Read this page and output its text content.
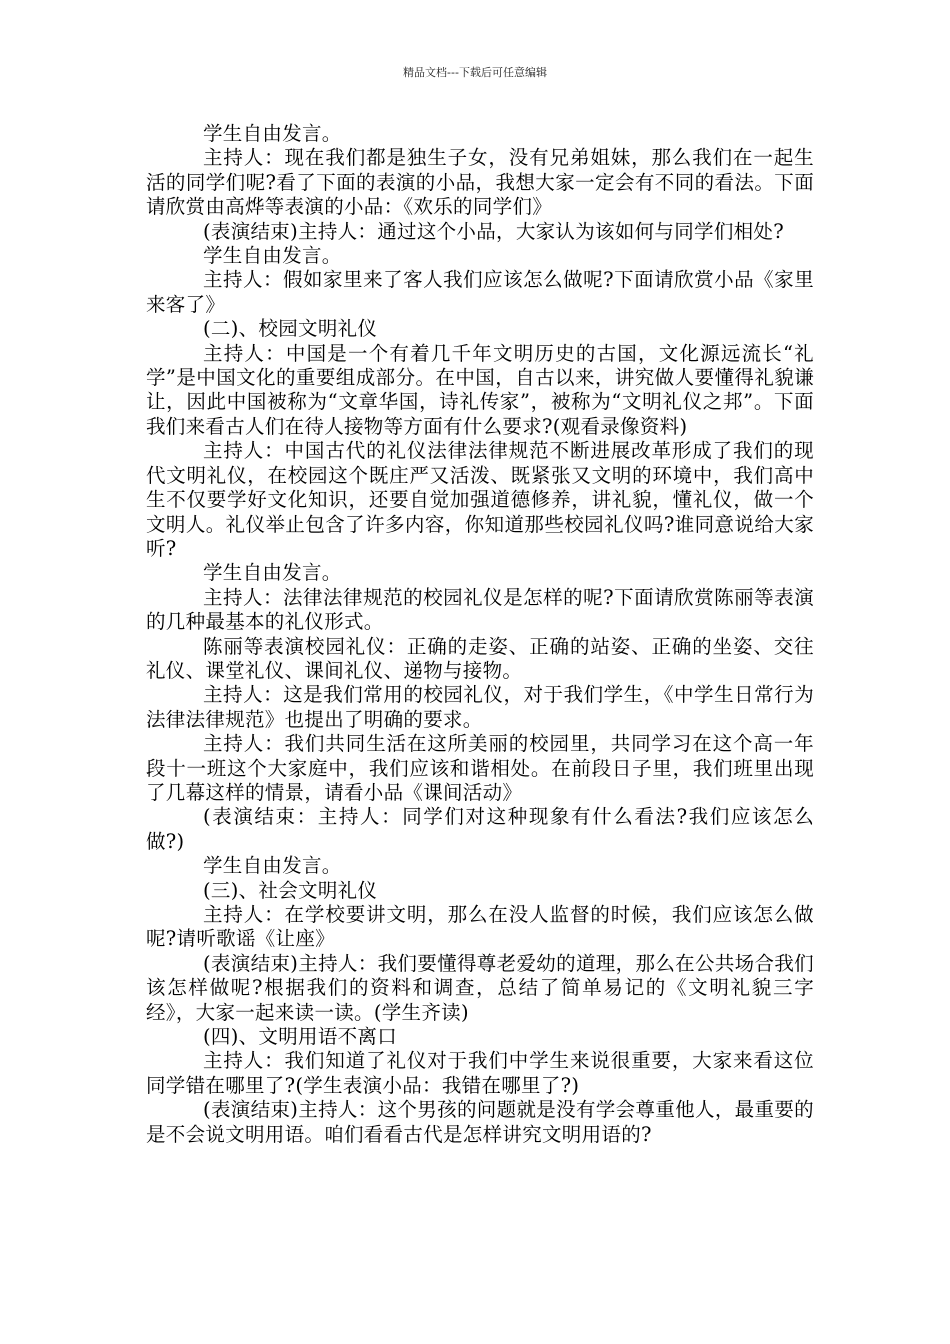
精品文档---下载后可任意编辑

学生自由发言。

主持人：现在我们都是独生子女，没有兄弟姐妹，那么我们在一起生活的同学们呢?看了下面的表演的小品，我想大家一定会有不同的看法。下面请欣赏由高烨等表演的小品：《欢乐的同学们》

(表演结束)主持人：通过这个小品，大家认为该如何与同学们相处?

学生自由发言。

主持人：假如家里来了客人我们应该怎么做呢?下面请欣赏小品《家里来客了》

(二)、校园文明礼仪

主持人：中国是一个有着几千年文明历史的古国，文化源远流长“礼学”是中国文化的重要组成部分。在中国，自古以来，讲究做人要懂得礼貌谦让，因此中国被称为“文章华国，诗礼传家”，被称为“文明礼仪之邦”。下面我们来看古人们在待人接物等方面有什么要求?(观看录像资料)

主持人：中国古代的礼仪法律法律规范不断进展改革形成了我们的现代文明礼仪，在校园这个既庄严又活泼、既紧张又文明的环境中，我们高中生不仅要学好文化知识，还要自觉加强道德修养，讲礼貌，懂礼仪，做一个文明人。礼仪举止包含了许多内容，你知道那些校园礼仪吗?谁同意说给大家听?

学生自由发言。

主持人：法律法律规范的校园礼仪是怎样的呢?下面请欣赏陈丽等表演的几种最基本的礼仪形式。

陈丽等表演校园礼仪：正确的走姿、正确的站姿、正确的坐姿、交往礼仪、课堂礼仪、课间礼仪、递物与接物。

主持人：这是我们常用的校园礼仪，对于我们学生，《中学生日常行为法律法律规范》也提出了明确的要求。

主持人：我们共同生活在这所美丽的校园里，共同学习在这个高一年段十一班这个大家庭中，我们应该和谐相处。在前段日子里，我们班里出现了几幕这样的情景，请看小品《课间活动》

(表演结束：主持人：同学们对这种现象有什么看法?我们应该怎么做?)

学生自由发言。

(三)、社会文明礼仪

主持人：在学校要讲文明，那么在没人监督的时候，我们应该怎么做呢?请听歌谣《让座》

(表演结束)主持人：我们要懂得尊老爱幼的道理，那么在公共场合我们该怎样做呢?根据我们的资料和调查，总结了简单易记的《文明礼貌三字经》，大家一起来读一读。(学生齐读)

(四)、文明用语不离口

主持人：我们知道了礼仪对于我们中学生来说很重要，大家来看这位同学错在哪里了?(学生表演小品：我错在哪里了?)

(表演结束)主持人：这个男孩的问题就是没有学会尊重他人，最重要的是不会说文明用语。咱们看看古代是怎样讲究文明用语的?
